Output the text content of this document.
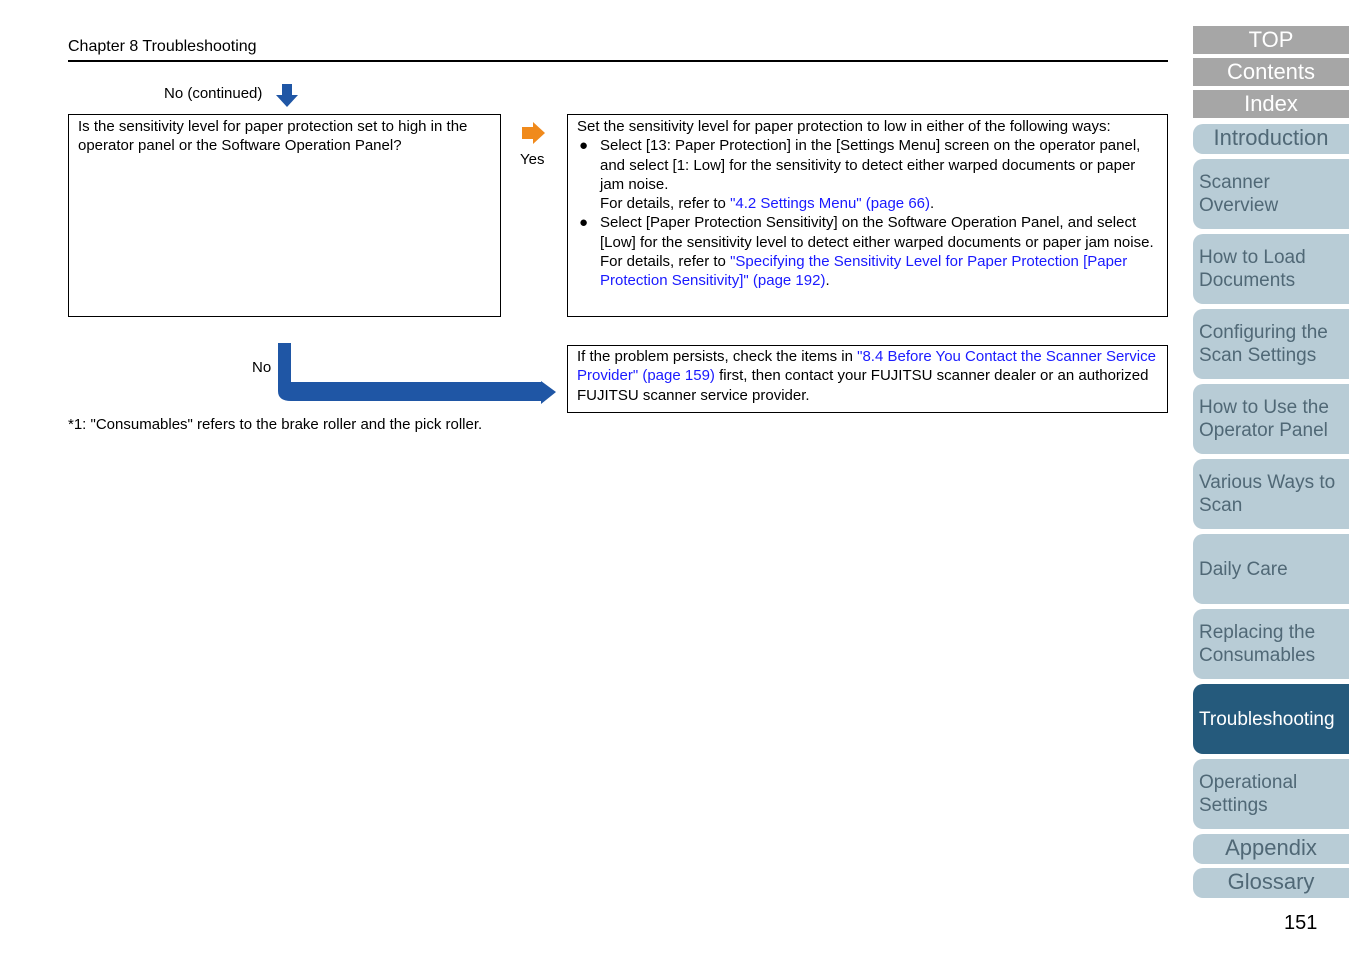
Chapter 8 Troubleshooting
No (continued)
Is the sensitivity level for paper protection set to high in the operator panel or the Software Operation Panel?
Yes
Set the sensitivity level for paper protection to low in either of the following ways:
● Select [13: Paper Protection] in the [Settings Menu] screen on the operator panel, and select [1: Low] for the sensitivity to detect either warped documents or paper jam noise.
For details, refer to "4.2 Settings Menu" (page 66).
● Select [Paper Protection Sensitivity] on the Software Operation Panel, and select [Low] for the sensitivity level to detect either warped documents or paper jam noise.
For details, refer to "Specifying the Sensitivity Level for Paper Protection [Paper Protection Sensitivity]" (page 192).
No
If the problem persists, check the items in "8.4 Before You Contact the Scanner Service Provider" (page 159) first, then contact your FUJITSU scanner dealer or an authorized FUJITSU scanner service provider.
*1: "Consumables" refers to the brake roller and the pick roller.
TOP
Contents
Index
Introduction
Scanner Overview
How to Load Documents
Configuring the Scan Settings
How to Use the Operator Panel
Various Ways to Scan
Daily Care
Replacing the Consumables
Troubleshooting
Operational Settings
Appendix
Glossary
151
